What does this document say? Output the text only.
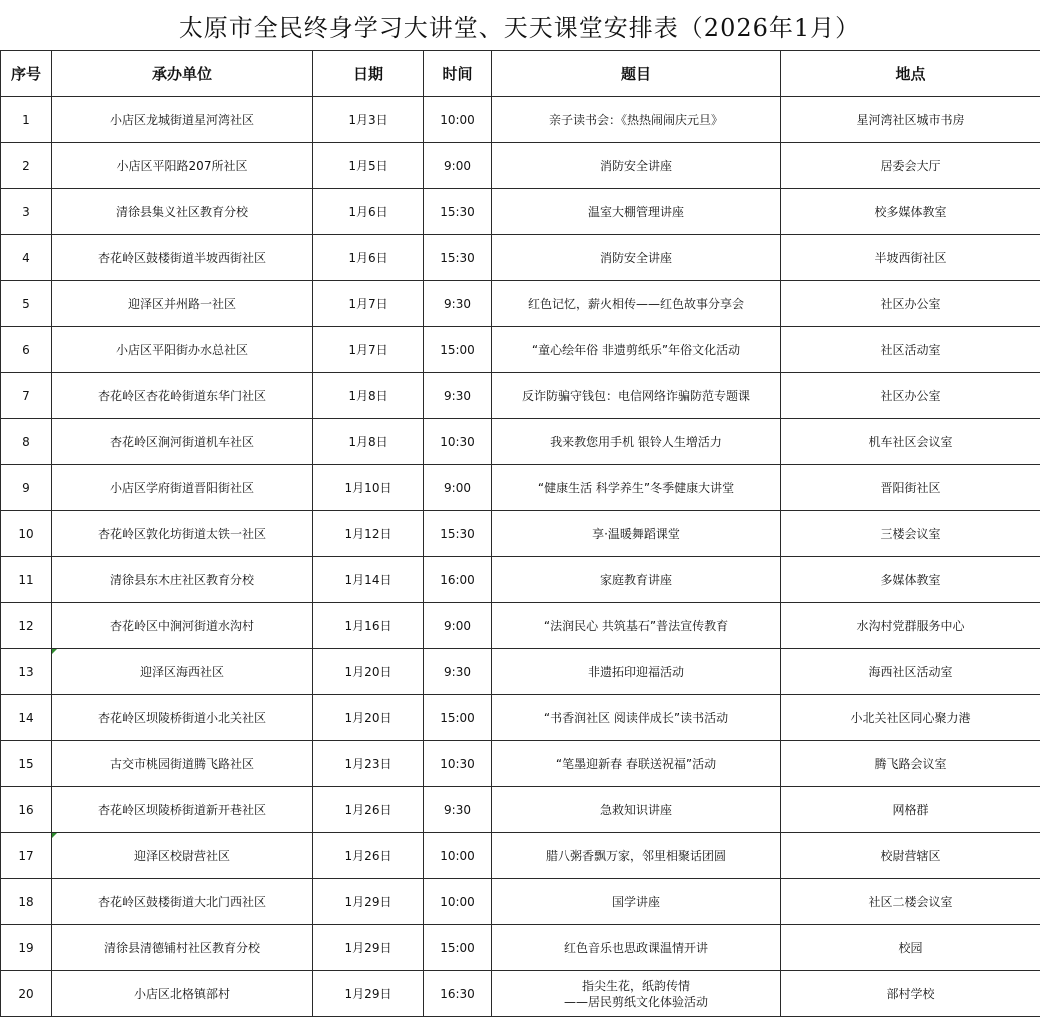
太原市全民终身学习大讲堂、天天课堂安排表（2026年1月）
序号	承办单位	日期	时间	题目	地点
1	小店区龙城街道星河湾社区	1月3日	10:00	亲子读书会：《热热闹闹庆元旦》	星河湾社区城市书房
2	小店区平阳路207所社区	1月5日	9:00	消防安全讲座	居委会大厅
3	清徐县集义社区教育分校	1月6日	15:30	温室大棚管理讲座	校多媒体教室
4	杏花岭区鼓楼街道半坡西街社区	1月6日	15:30	消防安全讲座	半坡西街社区
5	迎泽区并州路一社区	1月7日	9:30	红色记忆，薪火相传——红色故事分享会	社区办公室
6	小店区平阳街办水总社区	1月7日	15:00	“童心绘年俗 非遗剪纸乐”年俗文化活动	社区活动室
7	杏花岭区杏花岭街道东华门社区	1月8日	9:30	反诈防骗守钱包：电信网络诈骗防范专题课	社区办公室
8	杏花岭区涧河街道机车社区	1月8日	10:30	我来教您用手机 银铃人生增活力	机车社区会议室
9	小店区学府街道晋阳街社区	1月10日	9:00	“健康生活 科学养生”冬季健康大讲堂	晋阳街社区
10	杏花岭区敦化坊街道太铁一社区	1月12日	15:30	享·温暖舞蹈课堂	三楼会议室
11	清徐县东木庄社区教育分校	1月14日	16:00	家庭教育讲座	多媒体教室
12	杏花岭区中涧河街道水沟村	1月16日	9:00	“法润民心 共筑基石”普法宣传教育	水沟村党群服务中心
13	迎泽区海西社区	1月20日	9:30	非遗拓印迎福活动	海西社区活动室
14	杏花岭区坝陵桥街道小北关社区	1月20日	15:00	“书香润社区 阅读伴成长”读书活动	小北关社区同心聚力港
15	古交市桃园街道腾飞路社区	1月23日	10:30	“笔墨迎新春 春联送祝福”活动	腾飞路会议室
16	杏花岭区坝陵桥街道新开巷社区	1月26日	9:30	急救知识讲座	网格群
17	迎泽区校尉营社区	1月26日	10:00	腊八粥香飘万家，邻里相聚话团圆	校尉营辖区
18	杏花岭区鼓楼街道大北门西社区	1月29日	10:00	国学讲座	社区二楼会议室
19	清徐县清德铺村社区教育分校	1月29日	15:00	红色音乐也思政课温情开讲	校园
20	小店区北格镇部村	1月29日	16:30	指尖生花，纸韵传情
——居民剪纸文化体验活动	部村学校
